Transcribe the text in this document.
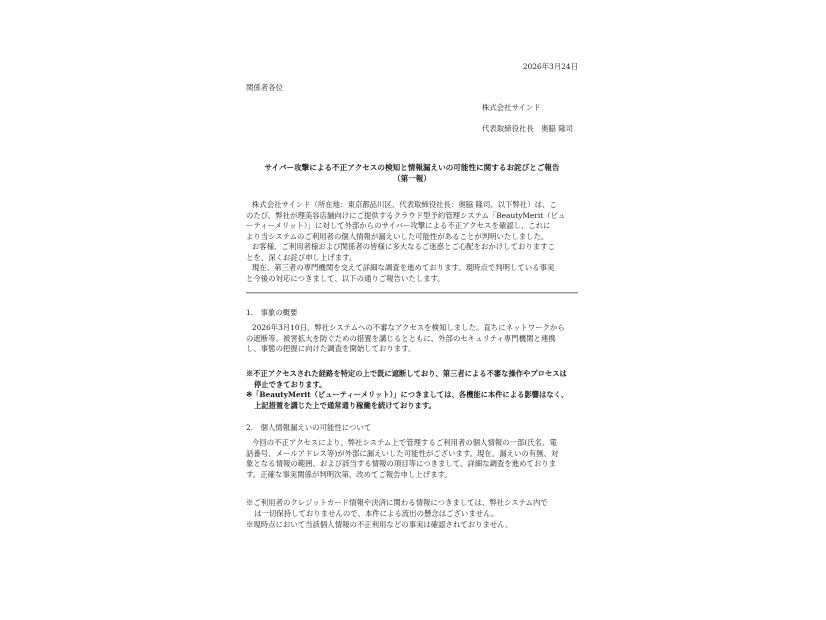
2026年3月24日
関係者各位
株式会社サインド
代表取締役社長　奥脇 隆司
サイバー攻撃による不正アクセスの検知と情報漏えいの可能性に関するお詫びとご報告
（第一報）
株式会社サインド（所在地：東京都品川区、代表取締役社長：奥脇 隆司、以下弊社）は、こ
のたび、弊社が理美容店舗向けにご提供するクラウド型予約管理システム「BeautyMerit（ビュ
ーティーメリット）」に対して外部からのサイバー攻撃による不正アクセスを確認し、これに
より当システムのご利用者の個人情報が漏えいした可能性があることが判明いたしました。
お客様、ご利用者様および関係者の皆様に多大なるご迷惑とご心配をおかけしておりますこ
とを、深くお詫び申し上げます。
現在、第三者の専門機関を交えて詳細な調査を進めております。現時点で判明している事実
と今後の対応につきまして、以下の通りご報告いたします。
1.　事象の概要
2026年3月10日、弊社システムへの不審なアクセスを検知しました。直ちにネットワークから
の遮断等、被害拡大を防ぐための措置を講じるとともに、外部のセキュリティ専門機関と連携
し、事態の把握に向けた調査を開始しております。
※不正アクセスされた経路を特定の上で既に遮断しており、第三者による不審な操作やプロセスは
停止できております。
※「BeautyMerit（ビューティーメリット）」につきましては、各機能に本件による影響はなく、
上記措置を講じた上で通常通り稼働を続けております。
2.　個人情報漏えいの可能性について
今回の不正アクセスにより、弊社システム上で管理するご利用者の個人情報の一部(氏名、電
話番号、メールアドレス等)が外部に漏えいした可能性がございます。現在、漏えいの有無、対
象となる情報の範囲、および該当する情報の項目等につきまして、詳細な調査を進めておりま
す。正確な事実関係が判明次第、改めてご報告申し上げます。
※ご利用者のクレジットカード情報や決済に関わる情報につきましては、弊社システム内で
は一切保持しておりませんので、本件による流出の懸念はございません。
※現時点において当該個人情報の不正利用などの事実は確認されておりません。
